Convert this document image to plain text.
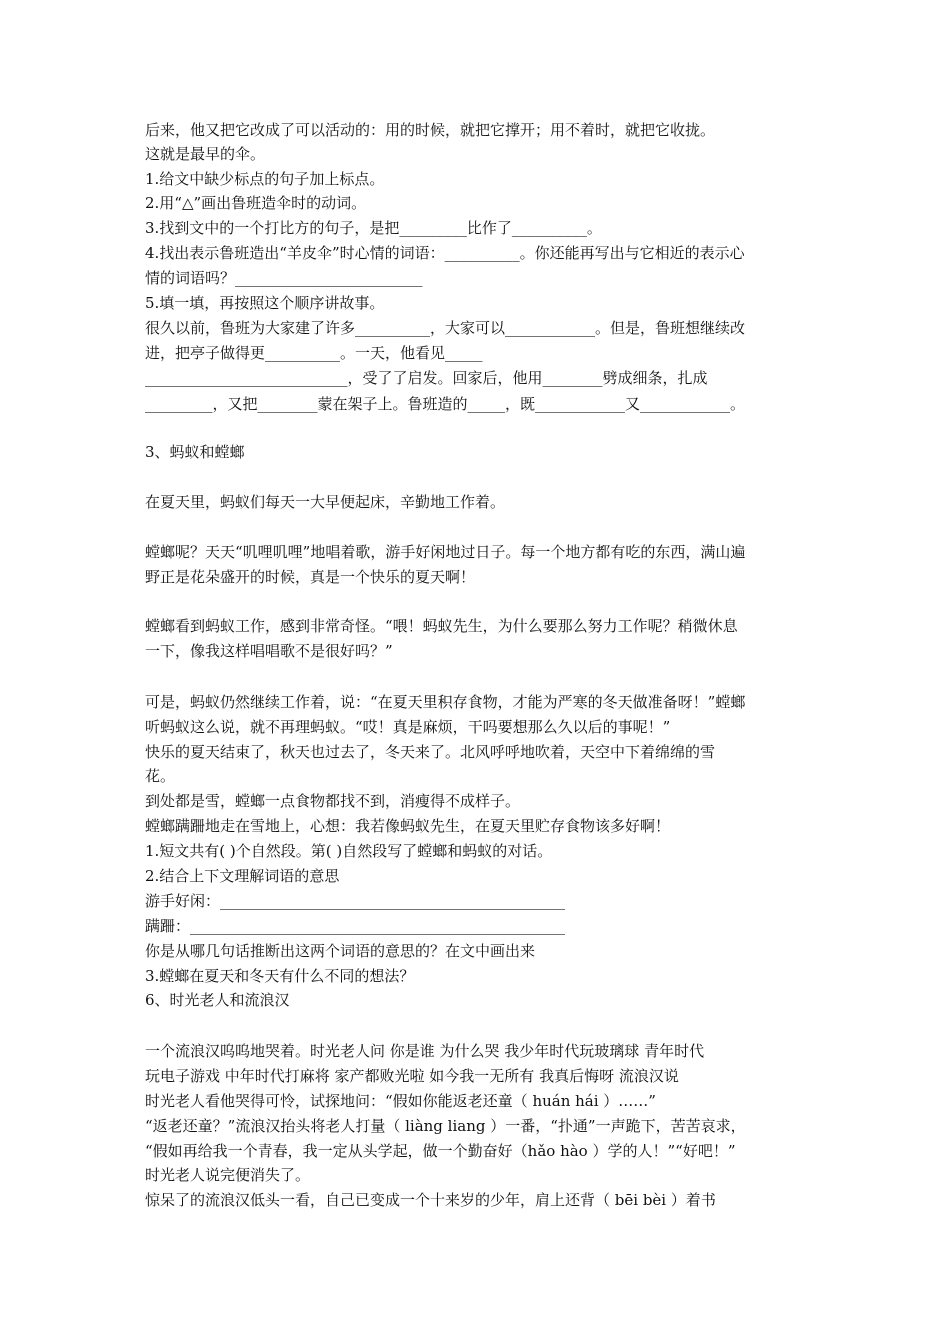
后来，他又把它改成了可以活动的：用的时候，就把它撑开；用不着时，就把它收拢。
这就是最早的伞。
1.给文中缺少标点的句子加上标点。
2.用“△”画出鲁班造伞时的动词。
3.找到文中的一个打比方的句子，是把_________比作了__________。
4.找出表示鲁班造出“羊皮伞”时心情的词语：__________。你还能再写出与它相近的表示心
情的词语吗？_________________________
5.填一填，再按照这个顺序讲故事。
很久以前，鲁班为大家建了许多__________，大家可以____________。但是，鲁班想继续改
进，把亭子做得更__________。一天，他看见_____
___________________________，受了了启发。回家后，他用________劈成细条，扎成
_________，又把________蒙在架子上。鲁班造的_____，既____________又____________。
3、蚂蚁和螳螂
在夏天里，蚂蚁们每天一大早便起床，辛勤地工作着。
螳螂呢？天天“叽哩叽哩”地唱着歌，游手好闲地过日子。每一个地方都有吃的东西，满山遍
野正是花朵盛开的时候，真是一个快乐的夏天啊！
螳螂看到蚂蚁工作，感到非常奇怪。“喂！蚂蚁先生，为什么要那么努力工作呢？稍微休息
一下，像我这样唱唱歌不是很好吗？”
可是，蚂蚁仍然继续工作着，说：“在夏天里积存食物，才能为严寒的冬天做准备呀！”螳螂
听蚂蚁这么说，就不再理蚂蚁。“哎！真是麻烦，干吗要想那么久以后的事呢！”
快乐的夏天结束了，秋天也过去了，冬天来了。北风呼呼地吹着，天空中下着绵绵的雪
花。
到处都是雪，螳螂一点食物都找不到，消瘦得不成样子。
螳螂蹒跚地走在雪地上，心想：我若像蚂蚁先生，在夏天里贮存食物该多好啊！
1.短文共有( )个自然段。第( )自然段写了螳螂和蚂蚁的对话。
2.结合上下文理解词语的意思
游手好闲：______________________________________________
蹒跚：__________________________________________________
你是从哪几句话推断出这两个词语的意思的？在文中画出来
3.螳螂在夏天和冬天有什么不同的想法？
6、时光老人和流浪汉
一个流浪汉呜呜地哭着。时光老人问 你是谁 为什么哭 我少年时代玩玻璃球 青年时代
玩电子游戏 中年时代打麻将 家产都败光啦 如今我一无所有 我真后悔呀 流浪汉说
时光老人看他哭得可怜，试探地问：“假如你能返老还童（ huán hái ）……”
“返老还童？”流浪汉抬头将老人打量（ liàng liang ）一番，“扑通”一声跪下，苦苦哀求，
“假如再给我一个青春，我一定从头学起，做一个勤奋好（hǎo hào ）学的人！”“好吧！”
时光老人说完便消失了。
惊呆了的流浪汉低头一看，自己已变成一个十来岁的少年，肩上还背（ bēi bèi ）着书
